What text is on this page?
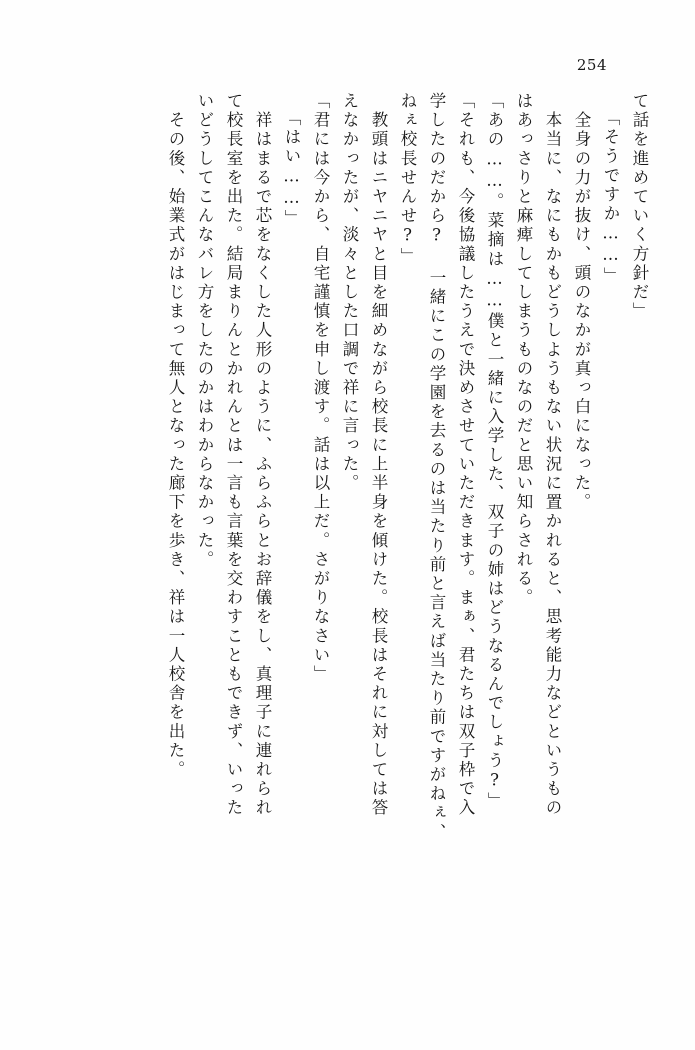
254
て話を進めていく方針だ」
「そうですか……」
　全身の力が抜け、頭のなかが真っ白になった。
　本当に、なにもかもどうしようもない状況に置かれると、思考能力などというもの
はあっさりと麻痺してしまうものなのだと思い知らされる。
「あの……。菜摘は……僕と一緒に入学した、双子の姉はどうなるんでしょう?」
「それも、今後協議したうえで決めさせていただきます。まぁ、君たちは双子枠で入
学したのだから? 一緒にこの学園を去るのは当たり前と言えば当たり前ですがねぇ、
ねぇ校長せんせ?」
　教頭はニヤニヤと目を細めながら校長に上半身を傾けた。校長はそれに対しては答
えなかったが、淡々とした口調で祥に言った。
「君には今から、自宅謹慎を申し渡す。話は以上だ。さがりなさい」
「はい……」
　祥はまるで芯をなくした人形のように、ふらふらとお辞儀をし、真理子に連れられ
て校長室を出た。結局まりんとかれんとは一言も言葉を交わすこともできず、いった
いどうしてこんなバレ方をしたのかはわからなかった。
　その後、始業式がはじまって無人となった廊下を歩き、祥は一人校舎を出た。
